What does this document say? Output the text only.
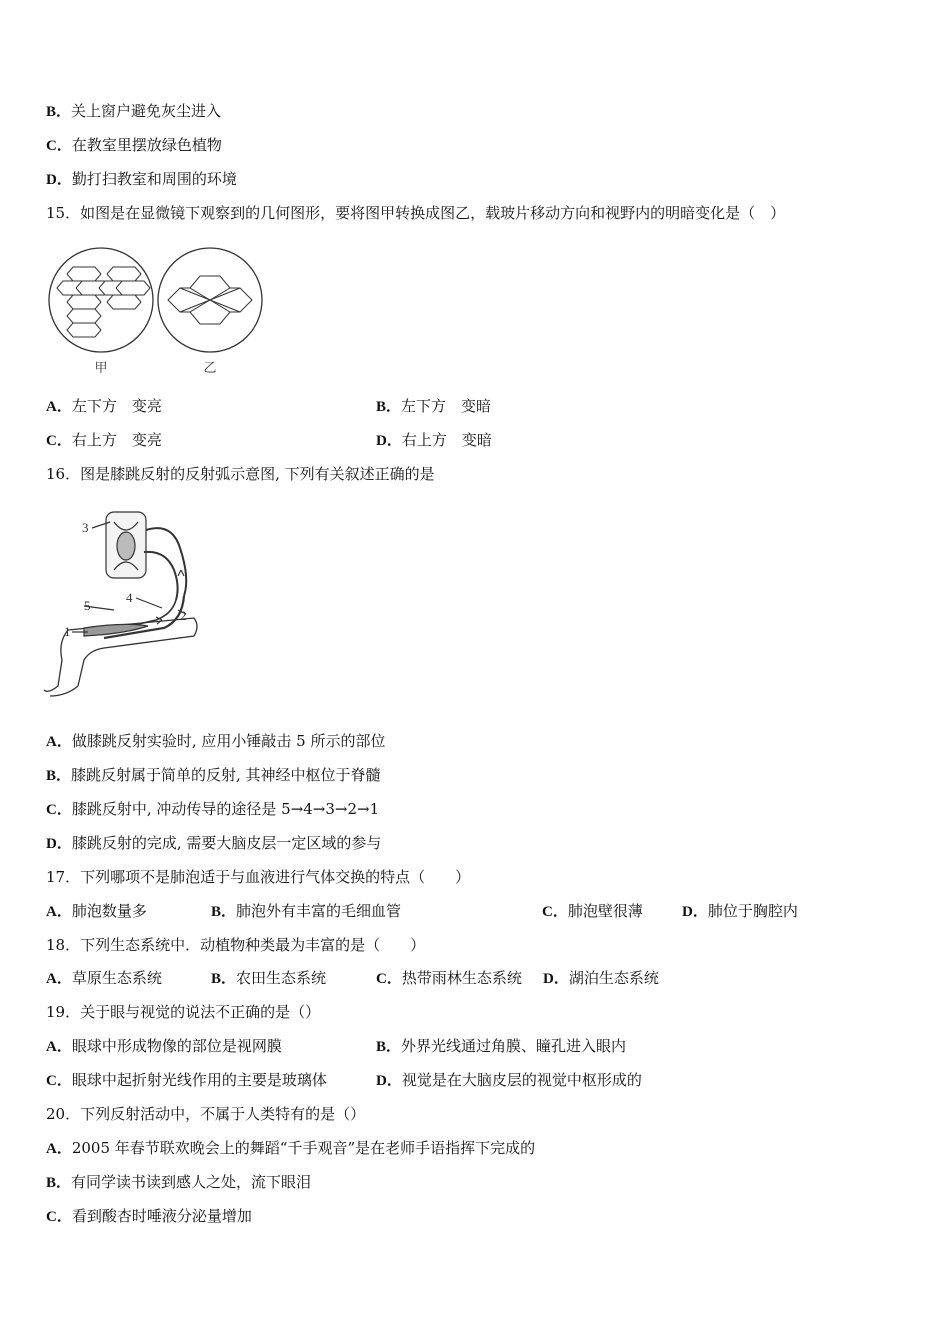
B．关上窗户避免灰尘进入
C．在教室里摆放绿色植物
D．勤打扫教室和周围的环境
15．如图是在显微镜下观察到的几何图形，要将图甲转换成图乙，载玻片移动方向和视野内的明暗变化是（　）
甲	乙
A．左下方　变亮	B．左下方　变暗
C．右上方　变亮	D．右上方　变暗
16．图是膝跳反射的反射弧示意图, 下列有关叙述正确的是
3
4
5
2
1
A．做膝跳反射实验时, 应用小锤敲击 5 所示的部位
B．膝跳反射属于简单的反射, 其神经中枢位于脊髓
C．膝跳反射中, 冲动传导的途径是 5→4→3→2→1
D．膝跳反射的完成, 需要大脑皮层一定区域的参与
17．下列哪项不是肺泡适于与血液进行气体交换的特点（　　）
A．肺泡数量多	B．肺泡外有丰富的毛细血管	C．肺泡壁很薄	D．肺位于胸腔内
18．下列生态系统中．动植物种类最为丰富的是（　　）
A．草原生态系统	B．农田生态系统	C．热带雨林生态系统 D．湖泊生态系统
19．关于眼与视觉的说法不正确的是（）
A．眼球中形成物像的部位是视网膜	B．外界光线通过角膜、瞳孔进入眼内
C．眼球中起折射光线作用的主要是玻璃体	D．视觉是在大脑皮层的视觉中枢形成的
20．下列反射活动中，不属于人类特有的是（）
A．2005 年春节联欢晚会上的舞蹈“千手观音”是在老师手语指挥下完成的
B．有同学读书读到感人之处，流下眼泪
C．看到酸杏时唾液分泌量增加
